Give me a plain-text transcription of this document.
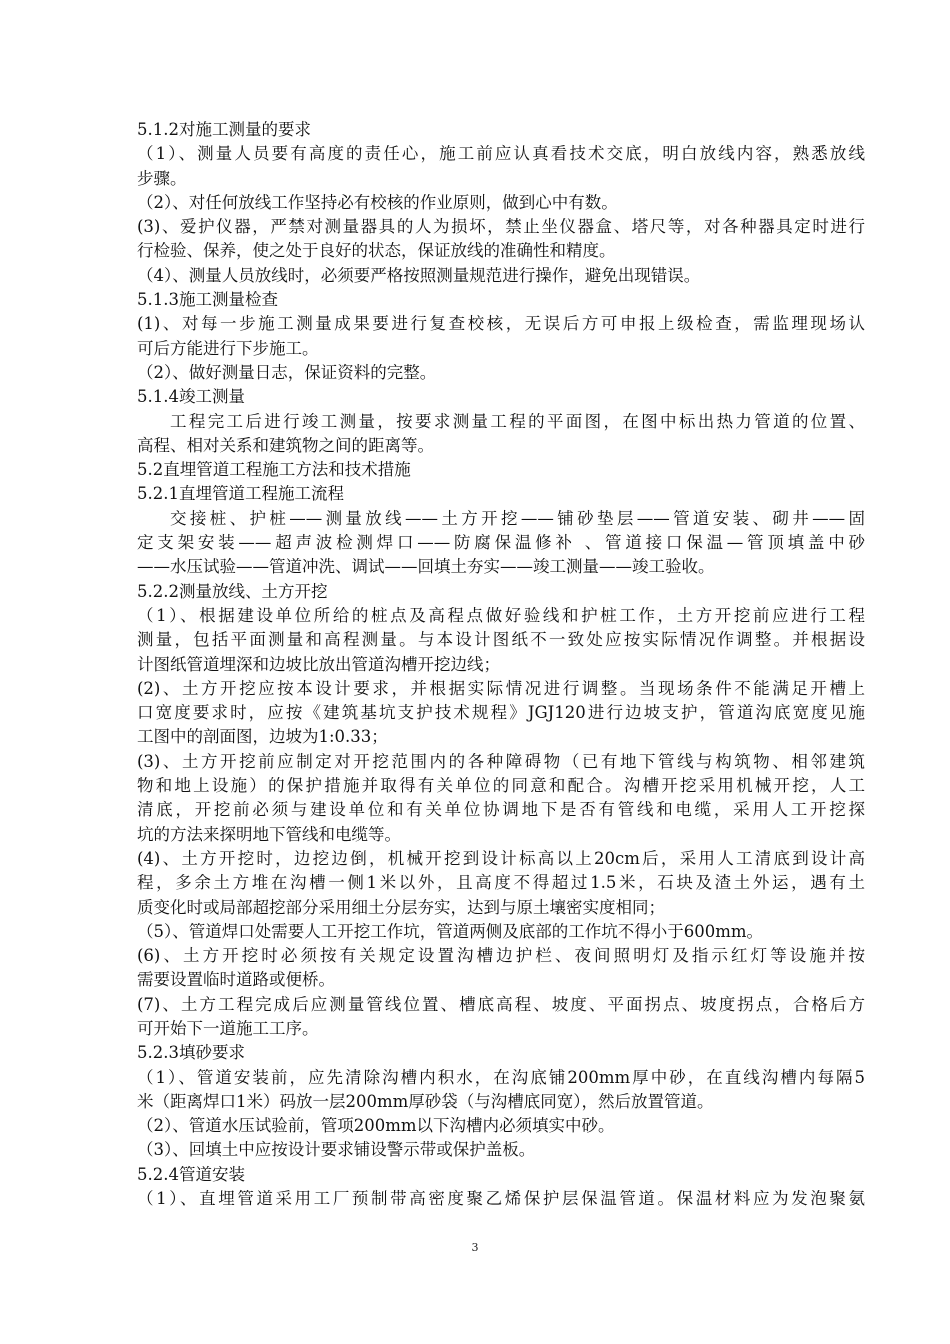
5.1.2对施工测量的要求
（1）、测量人员要有高度的责任心，施工前应认真看技术交底，明白放线内容，熟悉放线
步骤。
（2）、对任何放线工作坚持必有校核的作业原则，做到心中有数。
(3)、爱护仪器，严禁对测量器具的人为损坏，禁止坐仪器盒、塔尺等，对各种器具定时进行
行检验、保养，使之处于良好的状态，保证放线的准确性和精度。
（4）、测量人员放线时，必须要严格按照测量规范进行操作，避免出现错误。
5.1.3施工测量检查
(1)、对每一步施工测量成果要进行复查校核，无误后方可申报上级检查，需监理现场认
可后方能进行下步施工。
（2）、做好测量日志，保证资料的完整。
5.1.4竣工测量
工程完工后进行竣工测量，按要求测量工程的平面图，在图中标出热力管道的位置、
高程、相对关系和建筑物之间的距离等。
5.2直埋管道工程施工方法和技术措施
5.2.1直埋管道工程施工流程
交接桩、护桩——测量放线——土方开挖——铺砂垫层——管道安装、砌井——固
定支架安装——超声波检测焊口——防腐保温修补 、管道接口保温—管顶填盖中砂
——水压试验——管道冲洗、调试——回填土夯实——竣工测量——竣工验收。
5.2.2测量放线、土方开挖
（1）、根据建设单位所给的桩点及高程点做好验线和护桩工作，土方开挖前应进行工程
测量，包括平面测量和高程测量。与本设计图纸不一致处应按实际情况作调整。并根据设
计图纸管道埋深和边坡比放出管道沟槽开挖边线；
(2)、土方开挖应按本设计要求，并根据实际情况进行调整。当现场条件不能满足开槽上
口宽度要求时，应按《建筑基坑支护技术规程》JGJ120进行边坡支护，管道沟底宽度见施
工图中的剖面图，边坡为1:0.33；
(3)、土方开挖前应制定对开挖范围内的各种障碍物（已有地下管线与构筑物、相邻建筑
物和地上设施）的保护措施并取得有关单位的同意和配合。沟槽开挖采用机械开挖，人工
清底，开挖前必须与建设单位和有关单位协调地下是否有管线和电缆，采用人工开挖探
坑的方法来探明地下管线和电缆等。
(4)、土方开挖时，边挖边倒，机械开挖到设计标高以上20cm后，采用人工清底到设计高
程，多余土方堆在沟槽一侧1米以外，且高度不得超过1.5米，石块及渣土外运，遇有土
质变化时或局部超挖部分采用细土分层夯实，达到与原土壤密实度相同；
（5）、管道焊口处需要人工开挖工作坑，管道两侧及底部的工作坑不得小于600mm。
(6)、土方开挖时必须按有关规定设置沟槽边护栏、夜间照明灯及指示红灯等设施并按
需要设置临时道路或便桥。
(7)、土方工程完成后应测量管线位置、槽底高程、坡度、平面拐点、坡度拐点，合格后方
可开始下一道施工工序。
5.2.3填砂要求
（1）、管道安装前，应先清除沟槽内积水，在沟底铺200mm厚中砂，在直线沟槽内每隔5
米（距离焊口1米）码放一层200mm厚砂袋（与沟槽底同宽），然后放置管道。
（2）、管道水压试验前，管项200mm以下沟槽内必须填实中砂。
（3）、回填土中应按设计要求铺设警示带或保护盖板。
5.2.4管道安装
（1）、直埋管道采用工厂预制带高密度聚乙烯保护层保温管道。保温材料应为发泡聚氨
3
